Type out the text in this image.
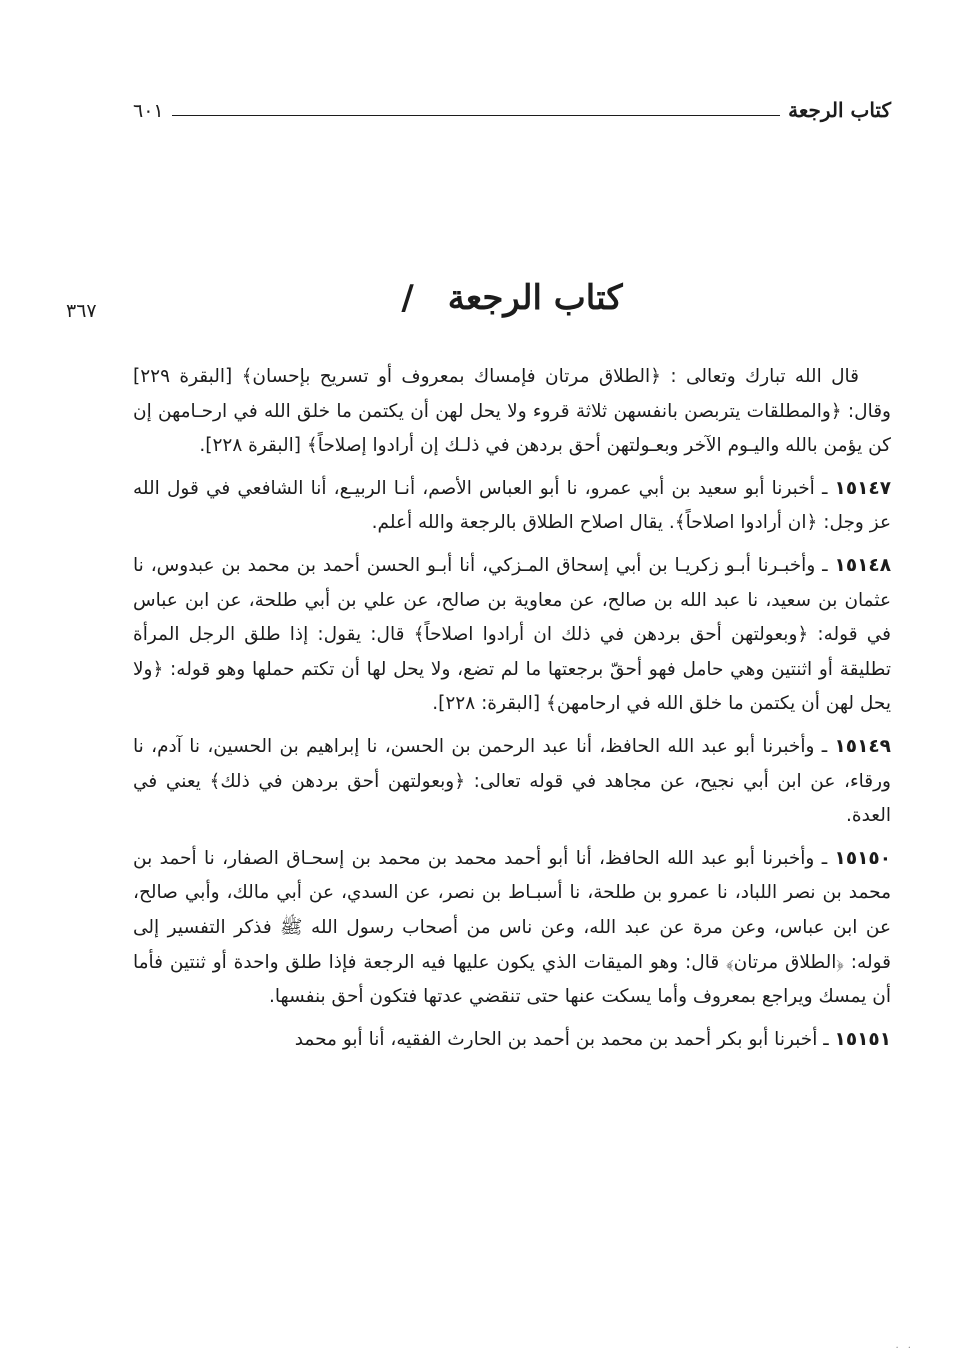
كتاب الرجعة
٦٠١
٣٦٧	كتاب الرجعة /

قال الله تبارك وتعالى : ﴿الطلاق مرتان فإمساك بمعروف أو تسريح بإحسان﴾ [البقرة ٢٢٩] وقال: ﴿والمطلقات يتربصن بانفسهن ثلاثة قروء ولا يحل لهن أن يكتمن ما خلق الله في ارحـامهن إن كن يؤمن بالله واليـوم الآخر وبعـولتهن أحق بردهن في ذلـك إن أرادوا إصلاحاً﴾ [البقرة ٢٢٨].

١٥١٤٧ ـ أخبرنا أبو سعيد بن أبي عمرو، نا أبو العباس الأصم، أنـا الربيـع، أنا الشافعي في قول الله عز وجل: ﴿ان أرادوا اصلاحاً﴾. يقال اصلاح الطلاق بالرجعة والله أعلم.

١٥١٤٨ ـ وأخبـرنا أبـو زكريـا بن أبي إسحاق المـزكي، أنا أبـو الحسن أحمد بن محمد بن عبدوس، نا عثمان بن سعيد، نا عبد الله بن صالح، عن معاوية بن صالح، عن علي بن أبي طلحة، عن ابن عباس في قوله: ﴿وبعولتهن أحق بردهن في ذلك ان أرادوا اصلاحاً﴾ قال: يقول: إذا طلق الرجل المرأة تطليقة أو اثنتين وهي حامل فهو أحقّ برجعتها ما لم تضع، ولا يحل لها أن تكتم حملها وهو قوله: ﴿ولا يحل لهن أن يكتمن ما خلق الله في ارحامهن﴾ [البقرة: ٢٢٨].

١٥١٤٩ ـ وأخبرنا أبو عبد الله الحافظ، أنا عبد الرحمن بن الحسن، نا إبراهيم بن الحسين، نا آدم، نا ورقاء، عن ابن أبي نجيح، عن مجاهد في قوله تعالى: ﴿وبعولتهن أحق بردهن في ذلك﴾ يعني في العدة.

١٥١٥٠ ـ وأخبرنا أبو عبد الله الحافظ، أنا أبو أحمد محمد بن محمد بن إسحـاق الصفار، نا أحمد بن محمد بن نصر اللباد، نا عمرو بن طلحة، نا أسبـاط بن نصر، عن السدي، عن أبي مالك، وأبي صالح، عن ابن عباس، وعن مرة عن عبد الله، وعن ناس من أصحاب رسول الله ﷺ فذكر التفسير إلى قوله: ﴿الطلاق مرتان﴾ قال: وهو الميقات الذي يكون عليها فيه الرجعة فإذا طلق واحدة أو ثنتين فأما أن يمسك ويراجع بمعروف وأما يسكت عنها حتى تنقضي عدتها فتكون أحق بنفسها.

١٥١٥١ ـ أخبرنا أبو بكر أحمد بن محمد بن أحمد بن الحارث الفقيه، أنا أبو محمد

. .
